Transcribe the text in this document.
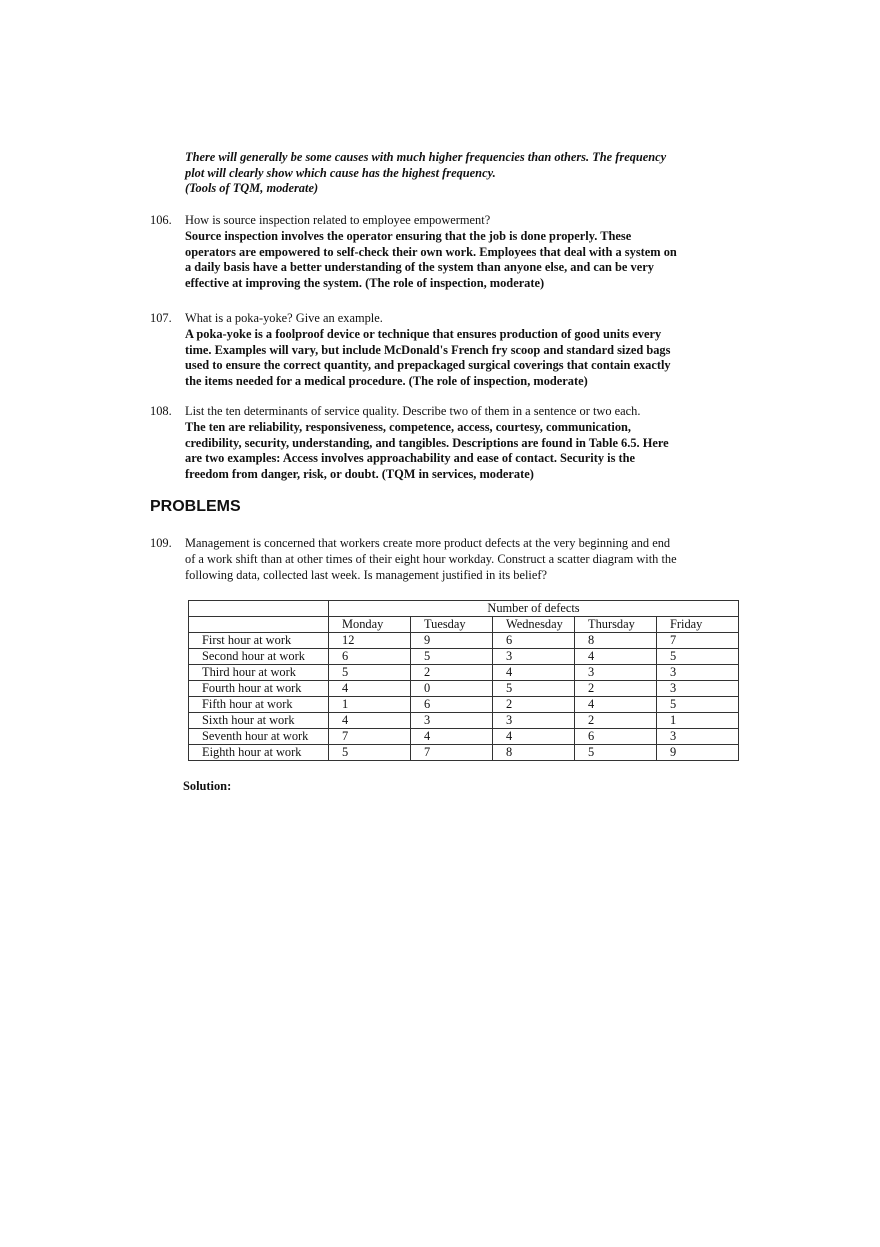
There will generally be some causes with much higher frequencies than others. The frequency
plot will clearly show which cause has the highest frequency.
(Tools of TQM, moderate)
106. How is source inspection related to employee empowerment?
Source inspection involves the operator ensuring that the job is done properly. These
operators are empowered to self-check their own work. Employees that deal with a system on
a daily basis have a better understanding of the system than anyone else, and can be very
effective at improving the system. (The role of inspection, moderate)
107. What is a poka-yoke? Give an example.
A poka-yoke is a foolproof device or technique that ensures production of good units every
time. Examples will vary, but include McDonald's French fry scoop and standard sized bags
used to ensure the correct quantity, and prepackaged surgical coverings that contain exactly
the items needed for a medical procedure. (The role of inspection, moderate)
108. List the ten determinants of service quality. Describe two of them in a sentence or two each.
The ten are reliability, responsiveness, competence, access, courtesy, communication,
credibility, security, understanding, and tangibles. Descriptions are found in Table 6.5. Here
are two examples: Access involves approachability and ease of contact. Security is the
freedom from danger, risk, or doubt. (TQM in services, moderate)
PROBLEMS
109. Management is concerned that workers create more product defects at the very beginning and end
of a work shift than at other times of their eight hour workday. Construct a scatter diagram with the
following data, collected last week. Is management justified in its belief?
	Number of defects				
	Monday	Tuesday	Wednesday	Thursday	Friday
First hour at work	12	9	6	8	7
Second hour at work	6	5	3	4	5
Third hour at work	5	2	4	3	3
Fourth hour at work	4	0	5	2	3
Fifth hour at work	1	6	2	4	5
Sixth hour at work	4	3	3	2	1
Seventh hour at work	7	4	4	6	3
Eighth hour at work	5	7	8	5	9
Solution:
